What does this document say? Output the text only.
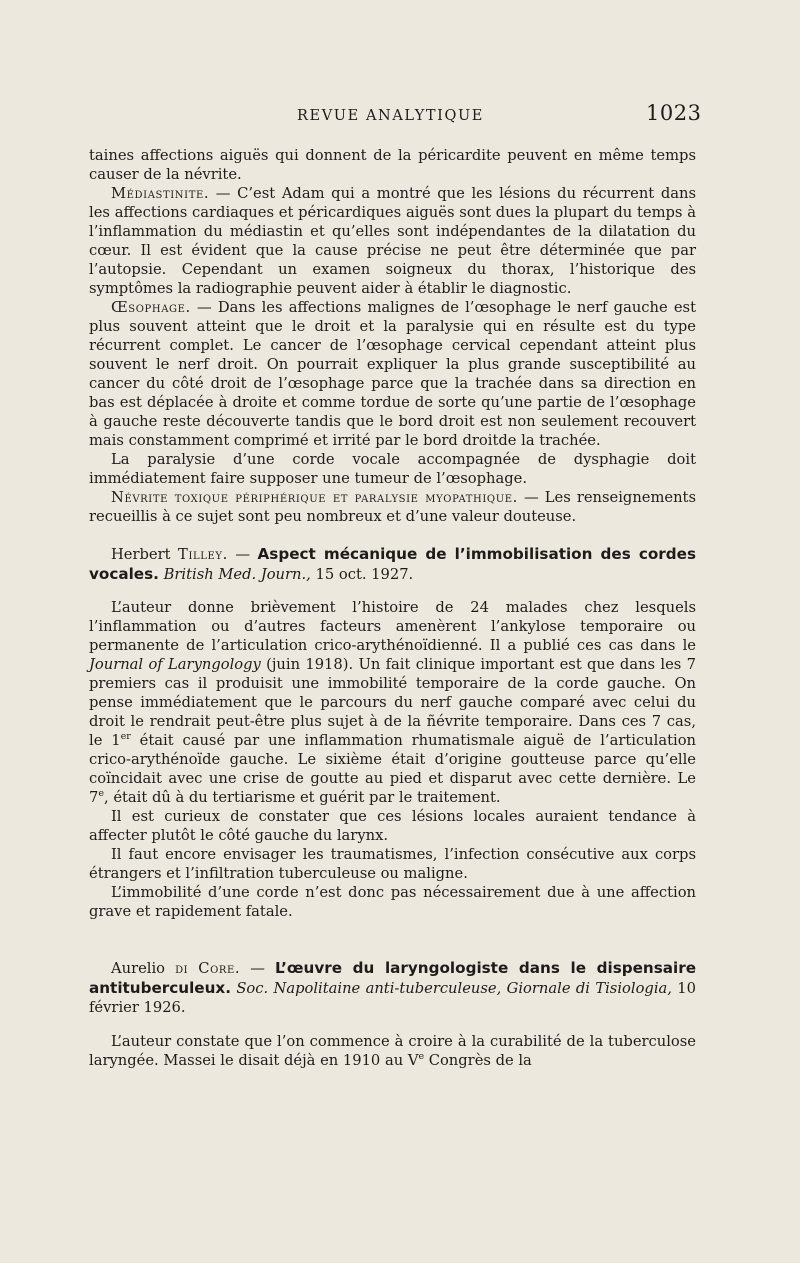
REVUE ANALYTIQUE	1023

taines affections aiguës qui donnent de la péricardite peuvent en même temps causer de la névrite.

Médiastinite. — C’est Adam qui a montré que les lésions du récurrent dans les affections cardiaques et péricardiques aiguës sont dues la plupart du temps à l’inflammation du médiastin et qu’elles sont indépendantes de la dilatation du cœur. Il est évident que la cause précise ne peut être déterminée que par l’autopsie. Cependant un examen soigneux du thorax, l’historique des symptômes la radiographie peuvent aider à établir le diagnostic.

Œsophage. — Dans les affections malignes de l’œsophage le nerf gauche est plus souvent atteint que le droit et la paralysie qui en résulte est du type récurrent complet. Le cancer de l’œsophage cervical cependant atteint plus souvent le nerf droit. On pourrait expliquer la plus grande susceptibilité au cancer du côté droit de l’œsophage parce que la trachée dans sa direction en bas est déplacée à droite et comme tordue de sorte qu’une partie de l’œsophage à gauche reste découverte tandis que le bord droit est non seulement recouvert mais constamment comprimé et irrité par le bord droitde la trachée.

La paralysie d’une corde vocale accompagnée de dysphagie doit immédiatement faire supposer une tumeur de l’œsophage.

Névrite toxique périphérique et paralysie myopathique. — Les renseignements recueillis à ce sujet sont peu nombreux et d’une valeur douteuse.

Herbert Tilley. — Aspect mécanique de l’immobilisation des cordes vocales. British Med. Journ., 15 oct. 1927.

L’auteur donne brièvement l’histoire de 24 malades chez lesquels l’inflammation ou d’autres facteurs amenèrent l’ankylose temporaire ou permanente de l’articulation crico-arythénoïdienné. Il a publié ces cas dans le Journal of Laryngology (juin 1918). Un fait clinique important est que dans les 7 premiers cas il produisit une immobilité temporaire de la corde gauche. On pense immédiatement que le parcours du nerf gauche comparé avec celui du droit le rendrait peut-être plus sujet à de la ñévrite temporaire. Dans ces 7 cas, le 1er était causé par une inflammation rhumatismale aiguë de l’articulation crico-arythénoïde gauche. Le sixième était d’origine goutteuse parce qu’elle coïncidait avec une crise de goutte au pied et disparut avec cette dernière. Le 7e, était dû à du tertiarisme et guérit par le traitement.

Il est curieux de constater que ces lésions locales auraient tendance à affecter plutôt le côté gauche du larynx.

Il faut encore envisager les traumatismes, l’infection consécutive aux corps étrangers et l’infiltration tuberculeuse ou maligne.

L’immobilité d’une corde n’est donc pas nécessairement due à une affection grave et rapidement fatale.

Aurelio di Core. — L’œuvre du laryngologiste dans le dispensaire antituberculeux. Soc. Napolitaine anti-tuberculeuse, Giornale di Tisiologia, 10 février 1926.

L’auteur constate que l’on commence à croire à la curabilité de la tuberculose laryngée. Massei le disait déjà en 1910 au Ve Congrès de la
